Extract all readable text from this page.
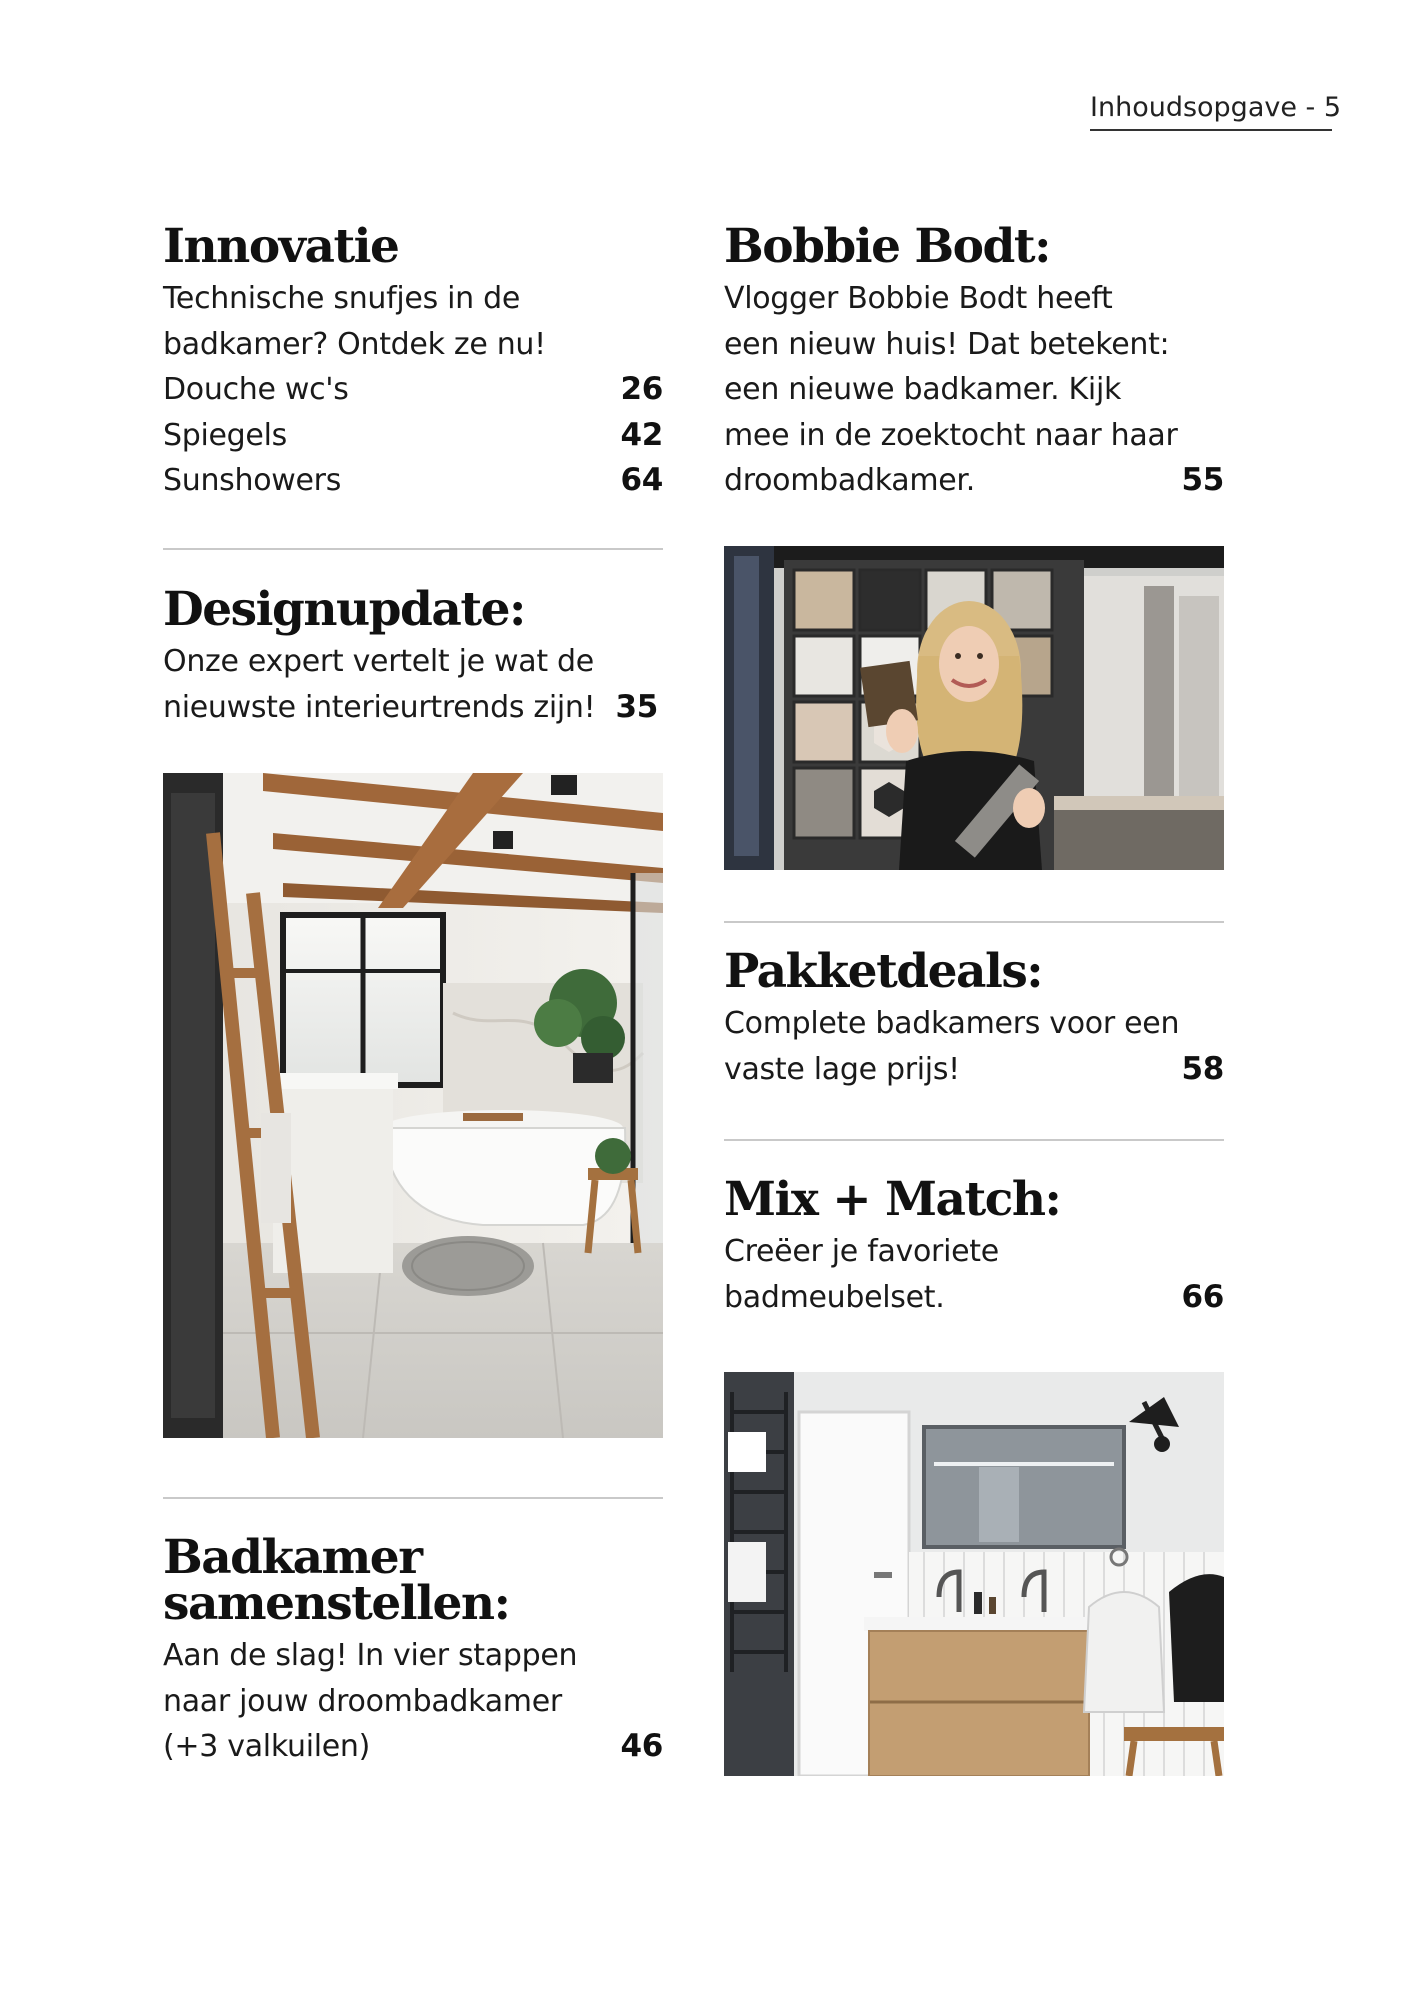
Inhoudsopgave - 5
Innovatie
Technische snufjes in de
badkamer? Ontdek ze nu!
Douche wc's	26
Spiegels	42
Sunshowers	64
Designupdate:
Onze expert vertelt je wat de
nieuwste interieurtrends zijn! 35
Badkamer
samenstellen:
Aan de slag! In vier stappen
naar jouw droombadkamer
(+3 valkuilen)	46
Bobbie Bodt:
Vlogger Bobbie Bodt heeft
een nieuw huis! Dat betekent:
een nieuwe badkamer. Kijk
mee in de zoektocht naar haar
droombadkamer.	55
Pakketdeals:
Complete badkamers voor een
vaste lage prijs!	58
Mix + Match:
Creëer je favoriete
badmeubelset.	66
